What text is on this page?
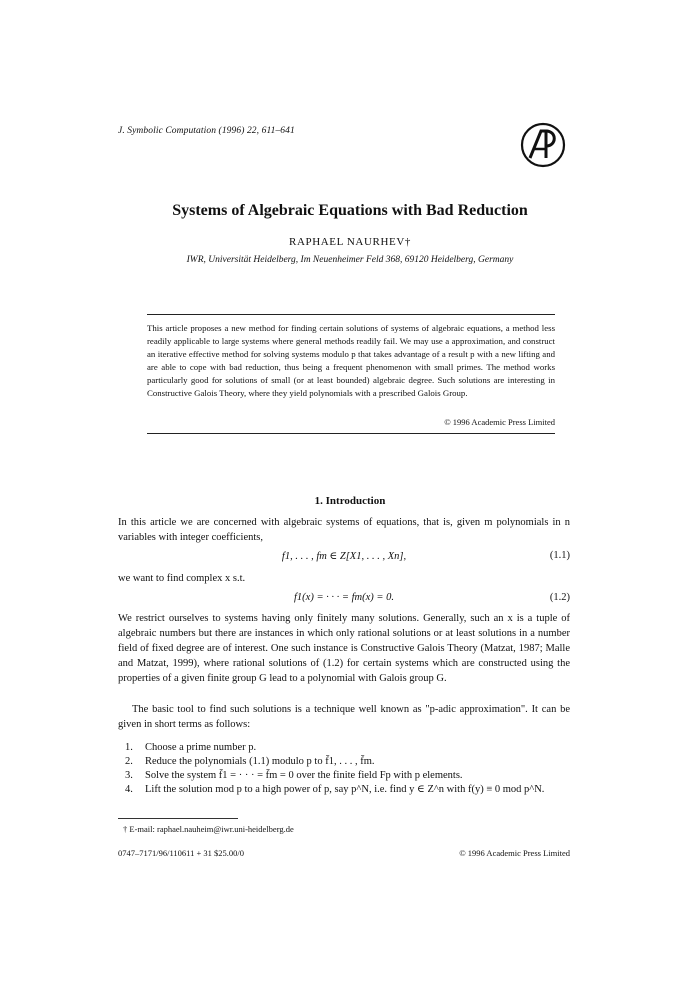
J. Symbolic Computation (1996) 22, 611–641
Systems of Algebraic Equations with Bad Reduction
RAPHAEL NAURHEV†
IWR, Universität Heidelberg, Im Neuenheimer Feld 368, 69120 Heidelberg, Germany
This article proposes a new method for finding certain solutions of systems of algebraic equations, a method less readily applicable to large systems where general methods readily fail. We may use a approximation, and construct an iterative effective method for solving systems modulo p that takes advantage of a result p with a new lifting and are able to cope with bad reduction, thus being a frequent phenomenon with small primes. The method works particularly good for solutions of small (or at least bounded) algebraic degree. Such solutions are interesting in Constructive Galois Theory, where they yield polynomials with a prescribed Galois Group.
© 1996 Academic Press Limited
1. Introduction
In this article we are concerned with algebraic systems of equations, that is, given m polynomials in n variables with integer coefficients,
f1, . . . , fm ∈ Z[X1, . . . , Xn],	(1.1)
we want to find complex x s.t.
f1(x) = · · · = fm(x) = 0.	(1.2)
We restrict ourselves to systems having only finitely many solutions. Generally, such an x is a tuple of algebraic numbers but there are instances in which only rational solutions or at least solutions in a number field of fixed degree are of interest. One such instance is Constructive Galois Theory (Matzat, 1987; Malle and Matzat, 1999), where rational solutions of (1.2) for certain systems which are constructed using the properties of a given finite group G lead to a polynomial with Galois group G.
The basic tool to find such solutions is a technique well known as "p-adic approximation". It can be given in short terms as follows:
1.	Choose a prime number p.
2.	Reduce the polynomials (1.1) modulo p to f̄1, . . . , f̄m.
3.	Solve the system f̄1 = · · · = f̄m = 0 over the finite field Fp with p elements.
4.	Lift the solution mod p to a high power of p, say p^N, i.e. find y ∈ Z^n with f(y) ≡ 0 mod p^N.
† E-mail: raphael.nauheim@iwr.uni-heidelberg.de
0747–7171/96/110611 + 31 $25.00/0	© 1996 Academic Press Limited
